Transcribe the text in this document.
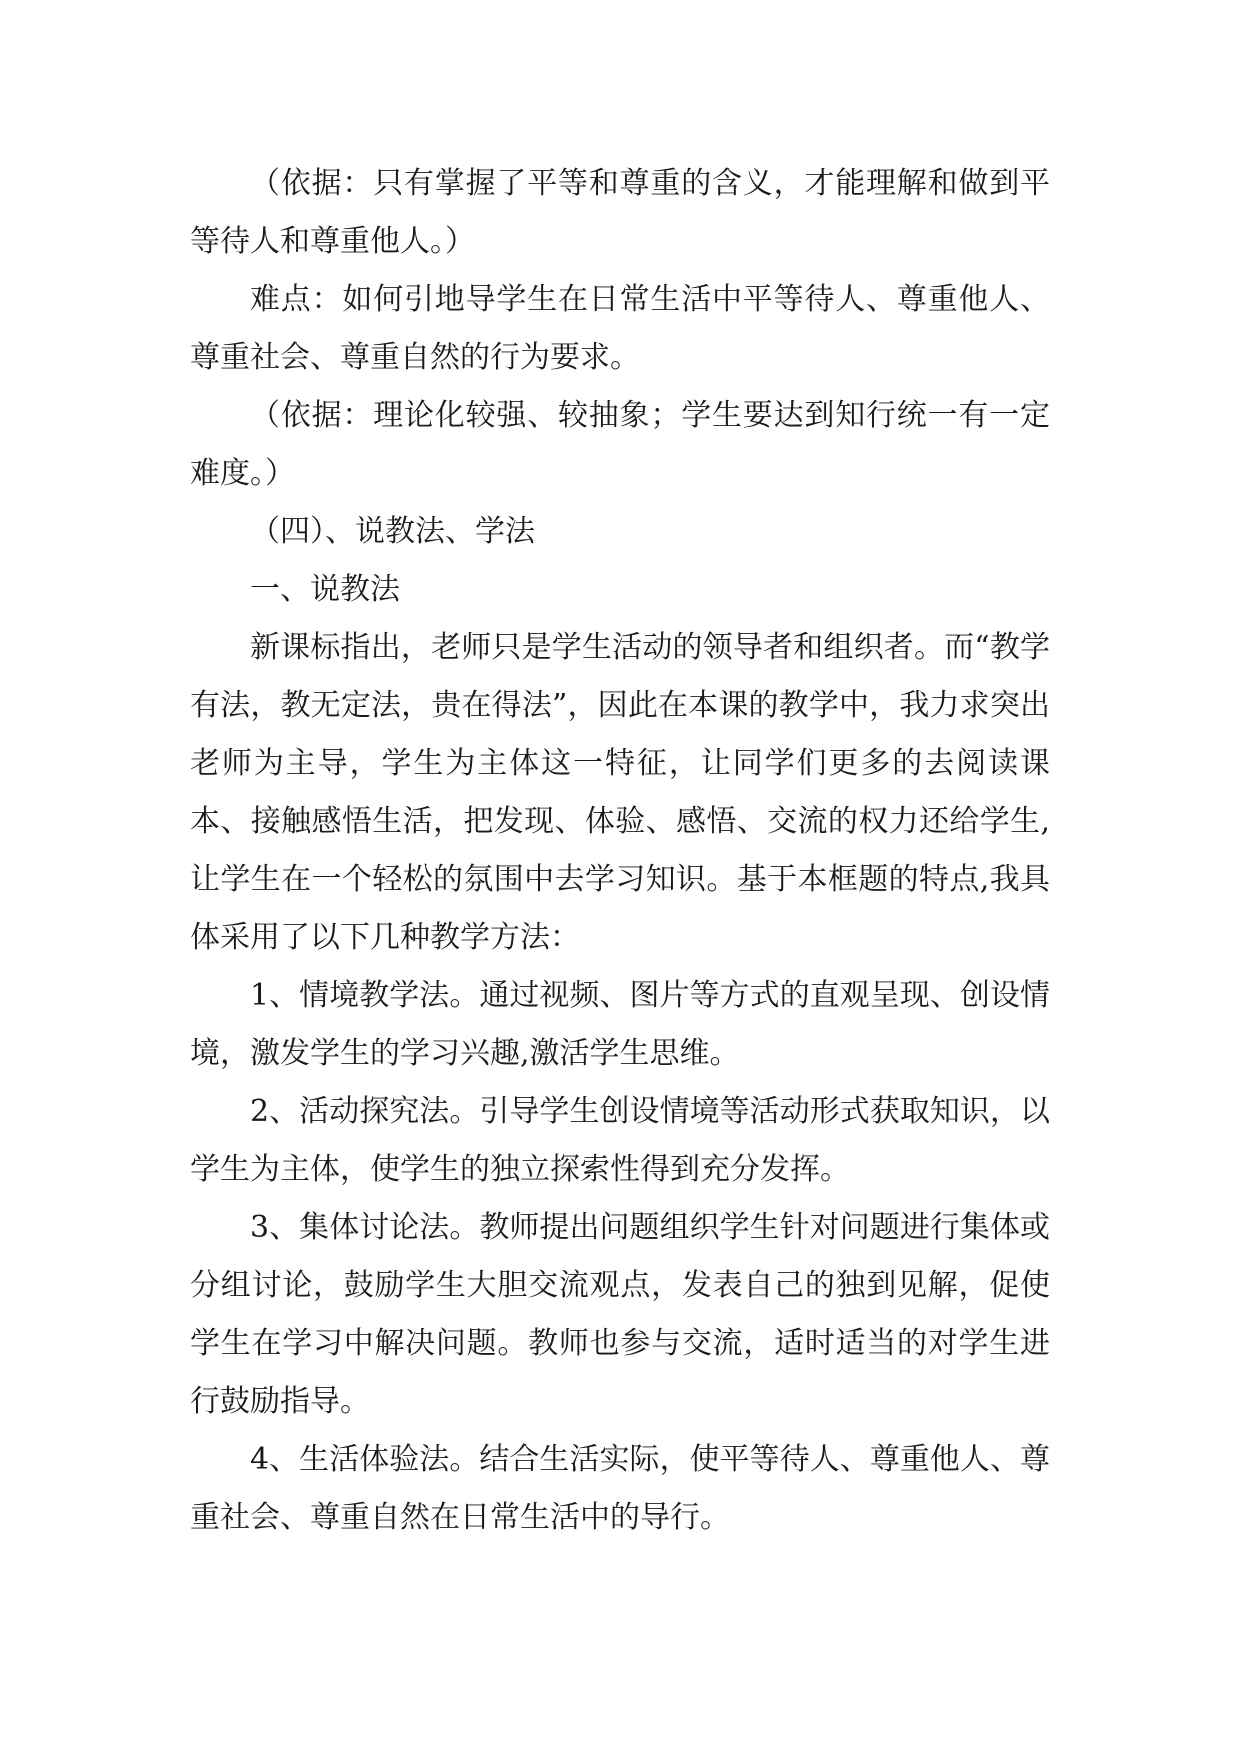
（依据：只有掌握了平等和尊重的含义，才能理解和做到平等待人和尊重他人。）

难点：如何引地导学生在日常生活中平等待人、尊重他人、尊重社会、尊重自然的行为要求。

（依据：理论化较强、较抽象；学生要达到知行统一有一定难度。）

（四）、说教法、学法

一、说教法

新课标指出，老师只是学生活动的领导者和组织者。而“教学有法，教无定法，贵在得法”，因此在本课的教学中，我力求突出老师为主导，学生为主体这一特征，让同学们更多的去阅读课本、接触感悟生活，把发现、体验、感悟、交流的权力还给学生,让学生在一个轻松的氛围中去学习知识。基于本框题的特点,我具体采用了以下几种教学方法：

1、情境教学法。通过视频、图片等方式的直观呈现、创设情境，激发学生的学习兴趣,激活学生思维。

2、活动探究法。引导学生创设情境等活动形式获取知识，以学生为主体，使学生的独立探索性得到充分发挥。

3、集体讨论法。教师提出问题组织学生针对问题进行集体或分组讨论，鼓励学生大胆交流观点，发表自己的独到见解，促使学生在学习中解决问题。教师也参与交流，适时适当的对学生进行鼓励指导。

4、生活体验法。结合生活实际，使平等待人、尊重他人、尊重社会、尊重自然在日常生活中的导行。
